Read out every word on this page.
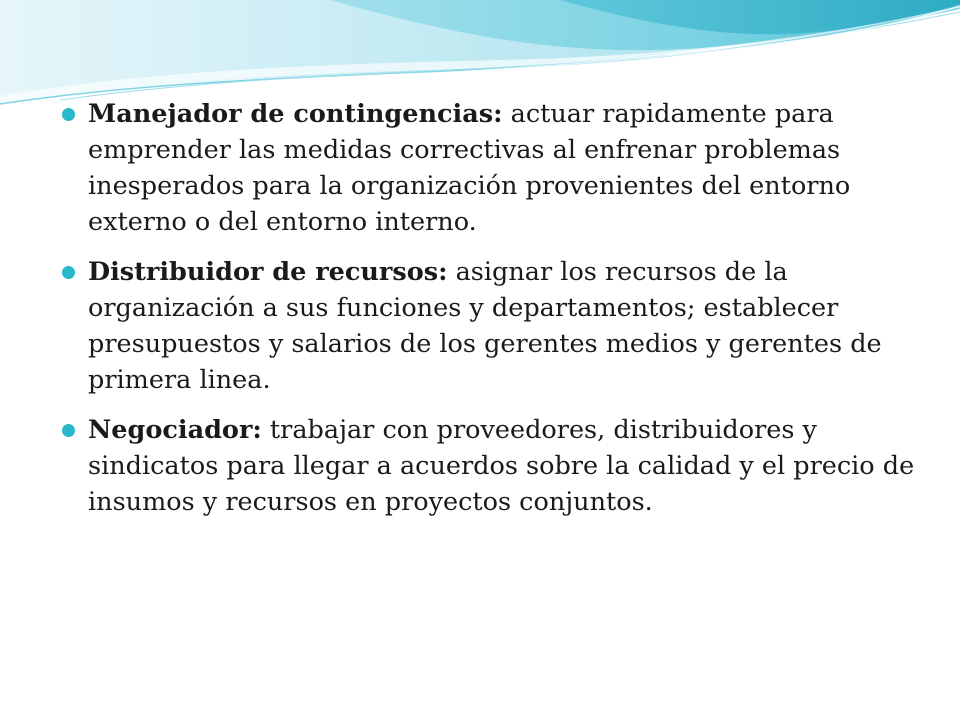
Manejador de contingencias: actuar rapidamente para emprender las medidas correctivas al enfrenar problemas inesperados para la organización provenientes del entorno externo o del entorno interno.

Distribuidor de recursos: asignar los recursos de la organización a sus funciones y departamentos; establecer presupuestos y salarios de los gerentes medios y gerentes de primera linea.

Negociador: trabajar con proveedores, distribuidores y sindicatos para llegar a acuerdos sobre la calidad y el precio de insumos y recursos en proyectos conjuntos.
